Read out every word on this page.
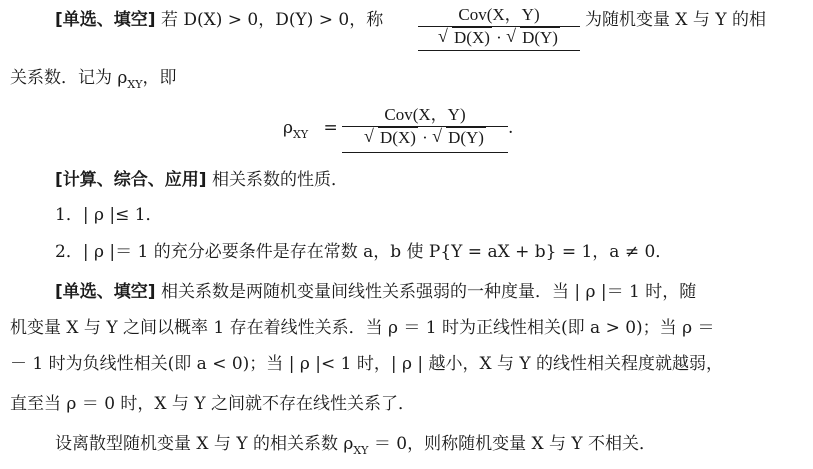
[单选、填空] 若 D(X) > 0，D(Y) > 0，称	Cov(X，Y)
√ D(X) · √ D(Y)
为随机变量 X 与 Y 的相
关系数．记为 $\rho_{XY}$，即
$\rho_{XY}$ =
Cov(X，Y)
√ D(X) · √ D(Y)	.
[计算、综合、应用] 相关系数的性质．
1．| ρ |≤ 1．
2．| ρ |＝ 1 的充分必要条件是存在常数 a，b 使 P{Y = aX + b} = 1，a ≠ 0．
[单选、填空] 相关系数是两随机变量间线性关系强弱的一种度量．当 | ρ |＝ 1 时，随
机变量 X 与 Y 之间以概率 1 存在着线性关系．当 ρ ＝ 1 时为正线性相关(即 a > 0)；当 ρ ＝
－ 1 时为负线性相关(即 a < 0)；当 | ρ |< 1 时，| ρ | 越小，X 与 Y 的线性相关程度就越弱，
直至当 ρ ＝ 0 时，X 与 Y 之间就不存在线性关系了．
设离散型随机变量 X 与 Y 的相关系数 $\rho_{XY} = 0$，则称随机变量 X 与 Y 不相关．
